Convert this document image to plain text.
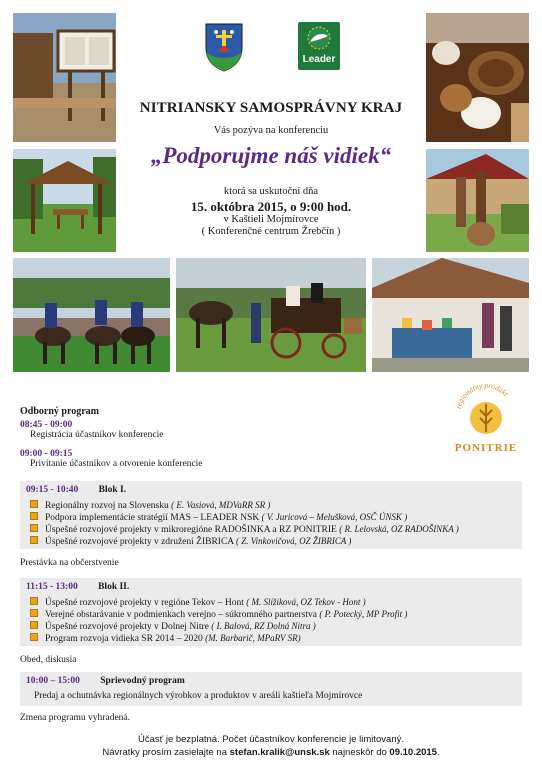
Leader
NITRIANSKY SAMOSPRÁVNY KRAJ
Vás pozýva na konferenciu
„Podporujme náš vidiek“
ktorá sa uskutoční dňa
15. októbra 2015, o 9:00 hod.
v Kaštieli Mojmírovce
( Konferenčné centrum Žrebčín )
regionálny produkt
PONITRIE
Odborný program
08:45 - 09:00
Registrácia účastníkov konferencie
09:00 - 09:15
Privítanie účastníkov a otvorenie konferencie
09:15 - 10:40 Blok I.
Regionálny rozvoj na Slovensku ( E. Vasiová, MDVaRR SR )
Podpora implementácie stratégií MAS – LEADER NSK ( V. Juricová – Melušková, OSČ ÚNSK )
Úspešné rozvojové projekty v mikroregióne RADOŠINKA a RZ PONITRIE ( R. Lelovská, OZ RADOŠINKA )
Úspešné rozvojové projekty v združení ŽIBRICA ( Z. Vinkovičová, OZ ŽIBRICA )
Prestávka na občerstvenie
11:15 - 13:00 Blok II.
Úspešné rozvojové projekty v regióne Tekov – Hont ( M. Slížiková, OZ Tekov - Hont )
Verejné obstarávanie v podmienkach verejno – súkromného partnerstva ( P. Potecký, MP Profit )
Úspešné rozvojové projekty v Dolnej Nitre ( I. Balová, RZ Dolná Nitra )
Program rozvoja vidieka SR 2014 – 2020 (M. Barbarič, MPaRV SR)
Obed, diskusia
10:00 – 15:00 Sprievodný program
Predaj a ochutnávka regionálnych výrobkov a produktov v areáli kaštieľa Mojmírovce
Zmena programu vyhradená.
Účasť je bezplatná. Počet účastníkov konferencie je limitovaný.
Návratky prosím zasielajte na stefan.kralik@unsk.sk najneskôr do 09.10.2015.
